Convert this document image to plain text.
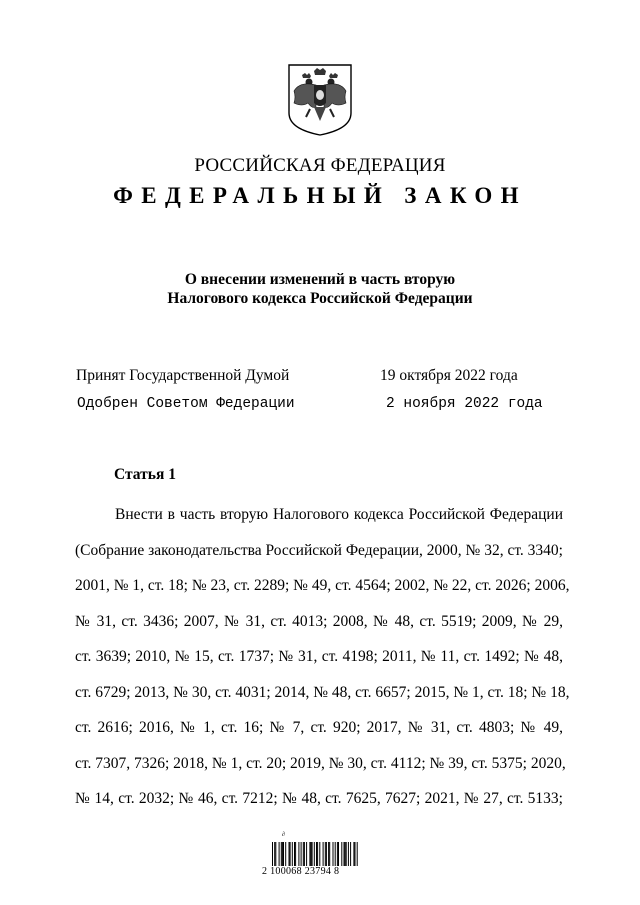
РОССИЙСКАЯ ФЕДЕРАЦИЯ
ФЕДЕРАЛЬНЫЙ ЗАКОН
О внесении изменений в часть вторую
Налогового кодекса Российской Федерации
Принят Государственной Думой	19 октября 2022 года
Одобрен Советом Федерации	2 ноября 2022 года
Статья 1
Внести в часть вторую Налогового кодекса Российской Федерации
(Собрание законодательства Российской Федерации, 2000, № 32, ст. 3340;
2001, № 1, ст. 18; № 23, ст. 2289; № 49, ст. 4564; 2002, № 22, ст. 2026; 2006,
№ 31, ст. 3436; 2007, № 31, ст. 4013; 2008, № 48, ст. 5519; 2009, № 29,
ст. 3639; 2010, № 15, ст. 1737; № 31, ст. 4198; 2011, № 11, ст. 1492; № 48,
ст. 6729; 2013, № 30, ст. 4031; 2014, № 48, ст. 6657; 2015, № 1, ст. 18; № 18,
ст. 2616; 2016, № 1, ст. 16; № 7, ст. 920; 2017, № 31, ст. 4803; № 49,
ст. 7307, 7326; 2018, № 1, ст. 20; 2019, № 30, ст. 4112; № 39, ст. 5375; 2020,
№ 14, ст. 2032; № 46, ст. 7212; № 48, ст. 7625, 7627; 2021, № 27, ст. 5133;
∂
2 100068 23794 8
